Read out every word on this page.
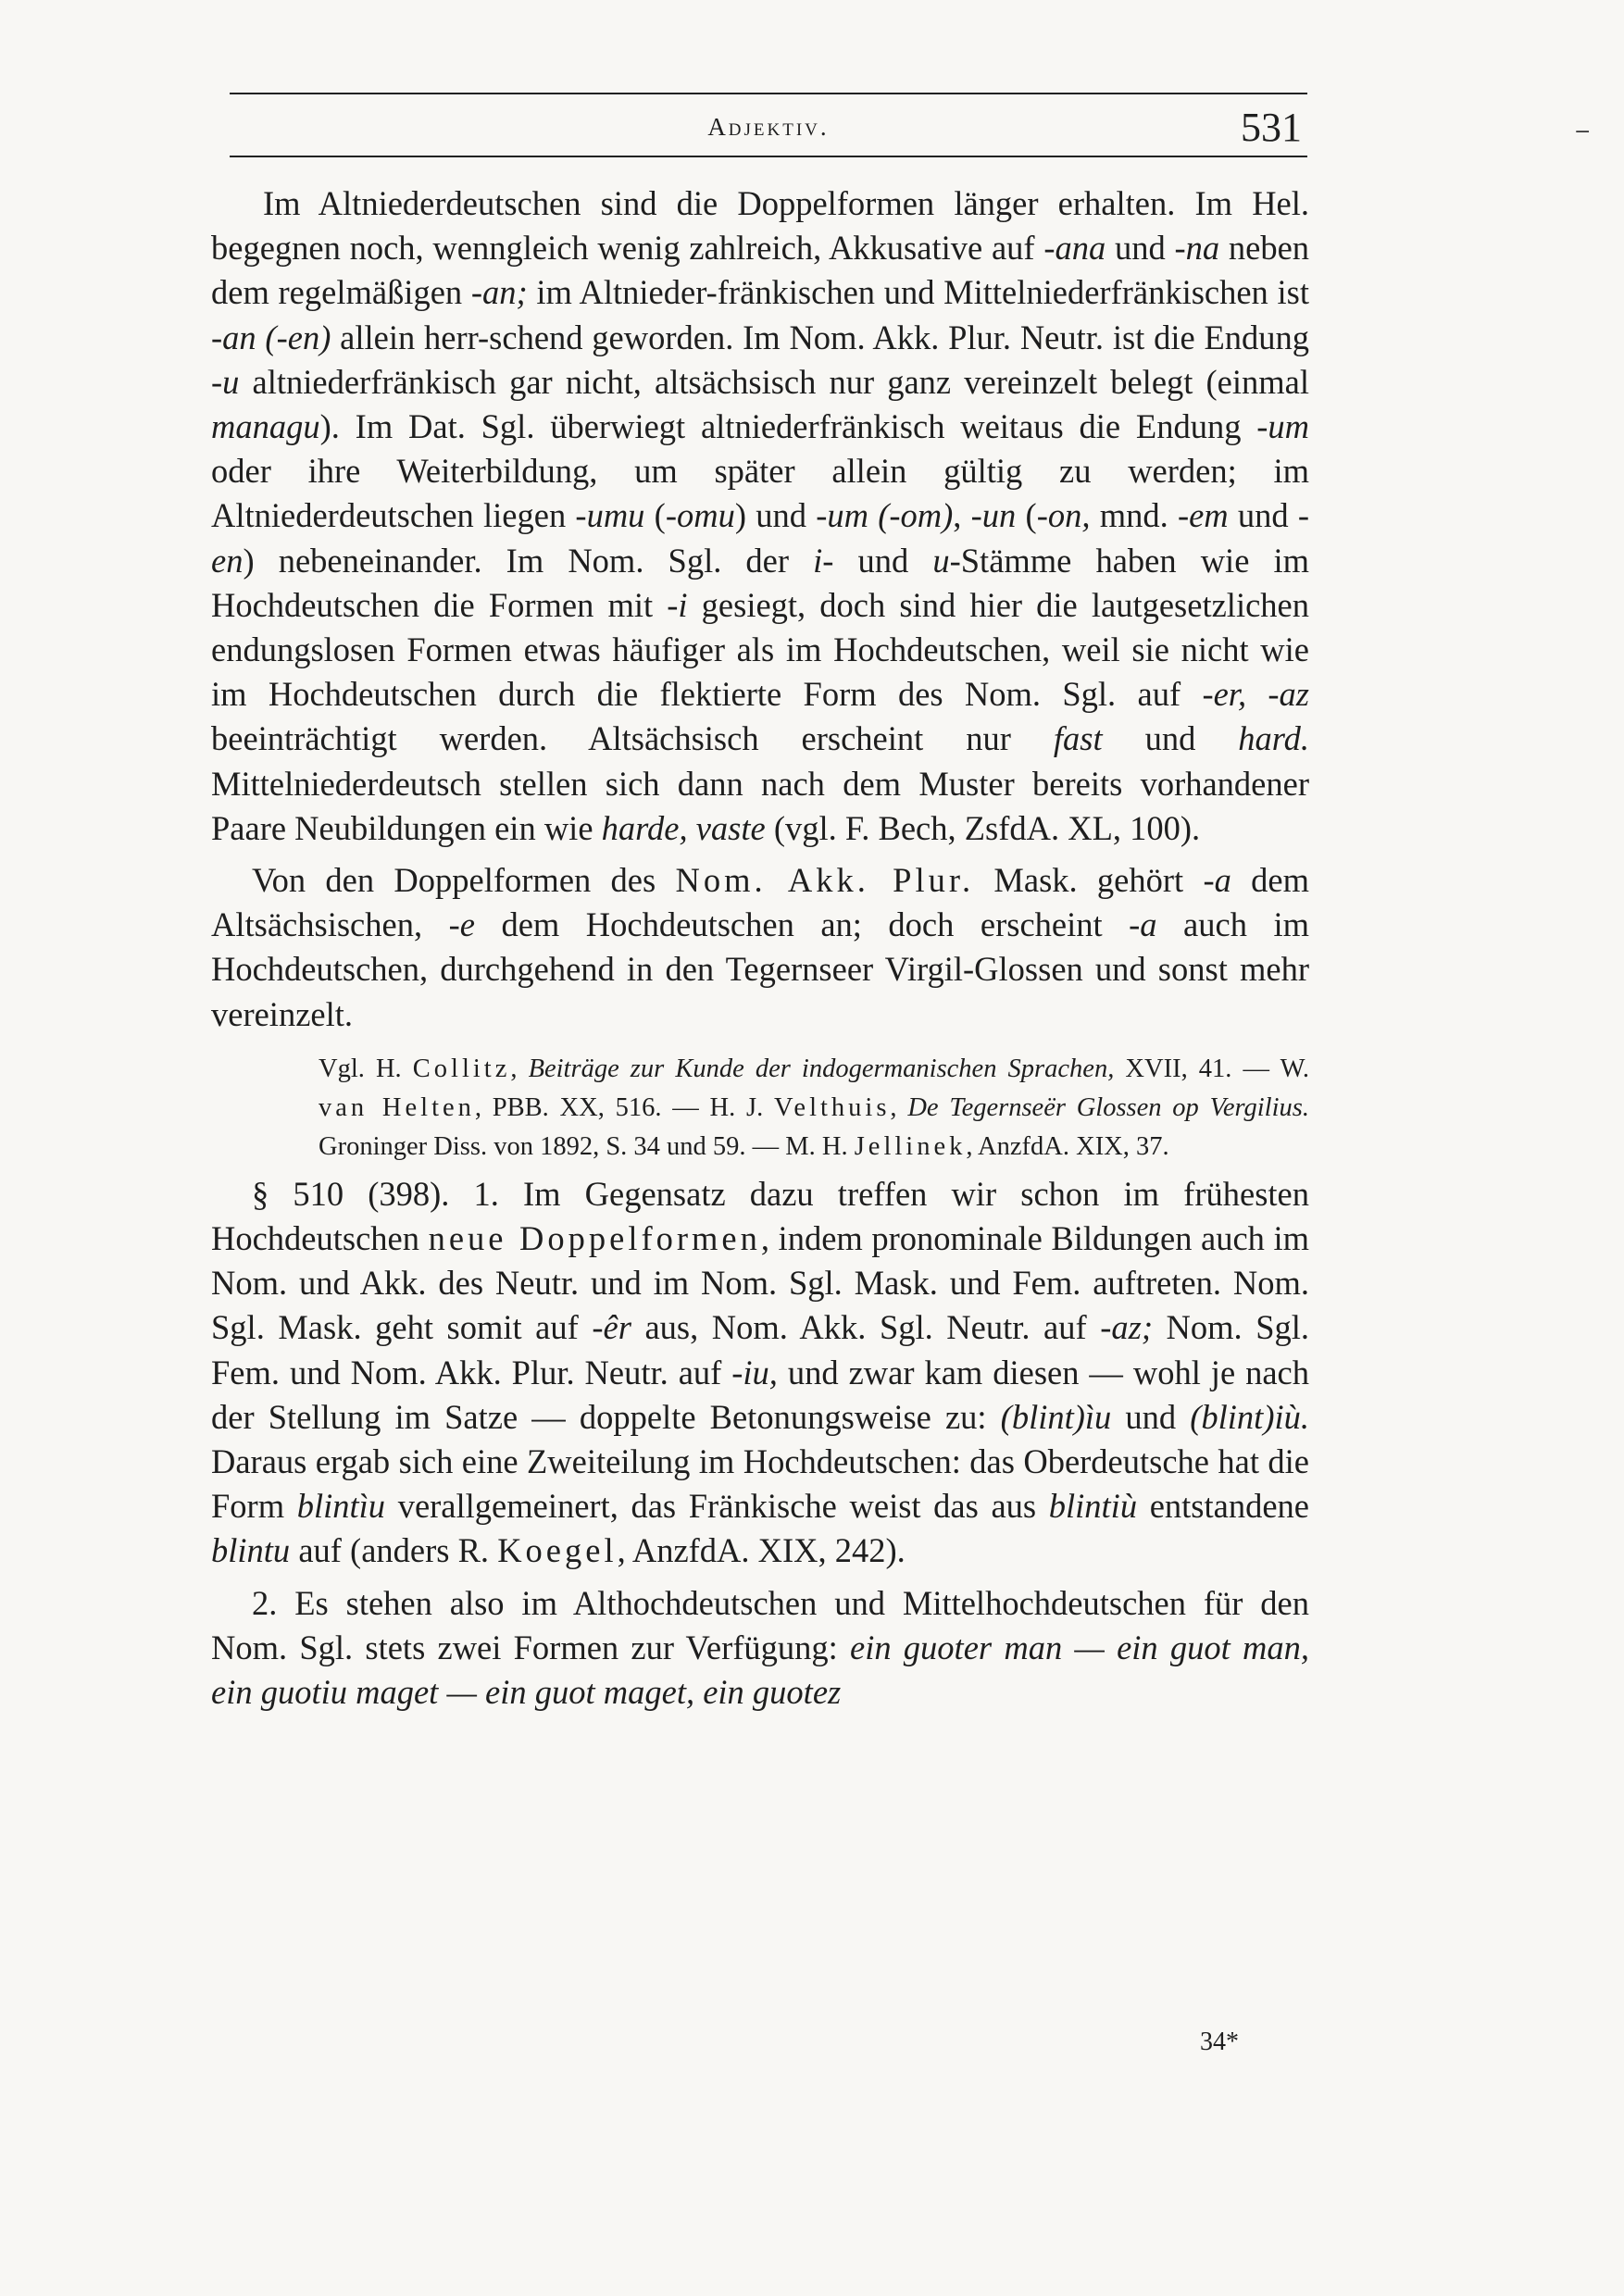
Adjektiv.	531	−

Im Altniederdeutschen sind die Doppelformen länger erhalten. Im Hel. begegnen noch, wenngleich wenig zahlreich, Akkusative auf -ana und -na neben dem regelmäßigen -an; im Altnieder-fränkischen und Mittelniederfränkischen ist -an (-en) allein herr-schend geworden. Im Nom. Akk. Plur. Neutr. ist die Endung -u altniederfränkisch gar nicht, altsächsisch nur ganz vereinzelt belegt (einmal managu). Im Dat. Sgl. überwiegt altniederfränkisch weitaus die Endung -um oder ihre Weiterbildung, um später allein gültig zu werden; im Altniederdeutschen liegen -umu (-omu) und -um (-om), -un (-on, mnd. -em und -en) nebeneinander. Im Nom. Sgl. der i- und u-Stämme haben wie im Hochdeutschen die Formen mit -i gesiegt, doch sind hier die lautgesetzlichen endungslosen Formen etwas häufiger als im Hochdeutschen, weil sie nicht wie im Hochdeutschen durch die flektierte Form des Nom. Sgl. auf -er, -az beeinträchtigt werden. Altsächsisch erscheint nur fast und hard. Mittelniederdeutsch stellen sich dann nach dem Muster bereits vorhandener Paare Neubildungen ein wie harde, vaste (vgl. F. Bech, ZsfdA. XL, 100).

Von den Doppelformen des Nom. Akk. Plur. Mask. gehört -a dem Altsächsischen, -e dem Hochdeutschen an; doch erscheint -a auch im Hochdeutschen, durchgehend in den Tegernseer Virgil-Glossen und sonst mehr vereinzelt.

Vgl. H. Collitz, Beiträge zur Kunde der indogermanischen Sprachen, XVII, 41. — W. van Helten, PBB. XX, 516. — H. J. Velthuis, De Tegernseër Glossen op Vergilius. Groninger Diss. von 1892, S. 34 und 59. — M. H. Jellinek, AnzfdA. XIX, 37.

§ 510 (398). 1. Im Gegensatz dazu treffen wir schon im frühesten Hochdeutschen neue Doppelformen, indem pronominale Bildungen auch im Nom. und Akk. des Neutr. und im Nom. Sgl. Mask. und Fem. auftreten. Nom. Sgl. Mask. geht somit auf -êr aus, Nom. Akk. Sgl. Neutr. auf -az; Nom. Sgl. Fem. und Nom. Akk. Plur. Neutr. auf -iu, und zwar kam diesen — wohl je nach der Stellung im Satze — doppelte Betonungsweise zu: (blint)ìu und (blint)iù. Daraus ergab sich eine Zweiteilung im Hochdeutschen: das Oberdeutsche hat die Form blintìu verallgemeinert, das Fränkische weist das aus blintiù entstandene blintu auf (anders R. Koegel, AnzfdA. XIX, 242).

2. Es stehen also im Althochdeutschen und Mittelhochdeutschen für den Nom. Sgl. stets zwei Formen zur Verfügung: ein guoter man — ein guot man, ein guotiu maget — ein guot maget, ein guotez

34*
